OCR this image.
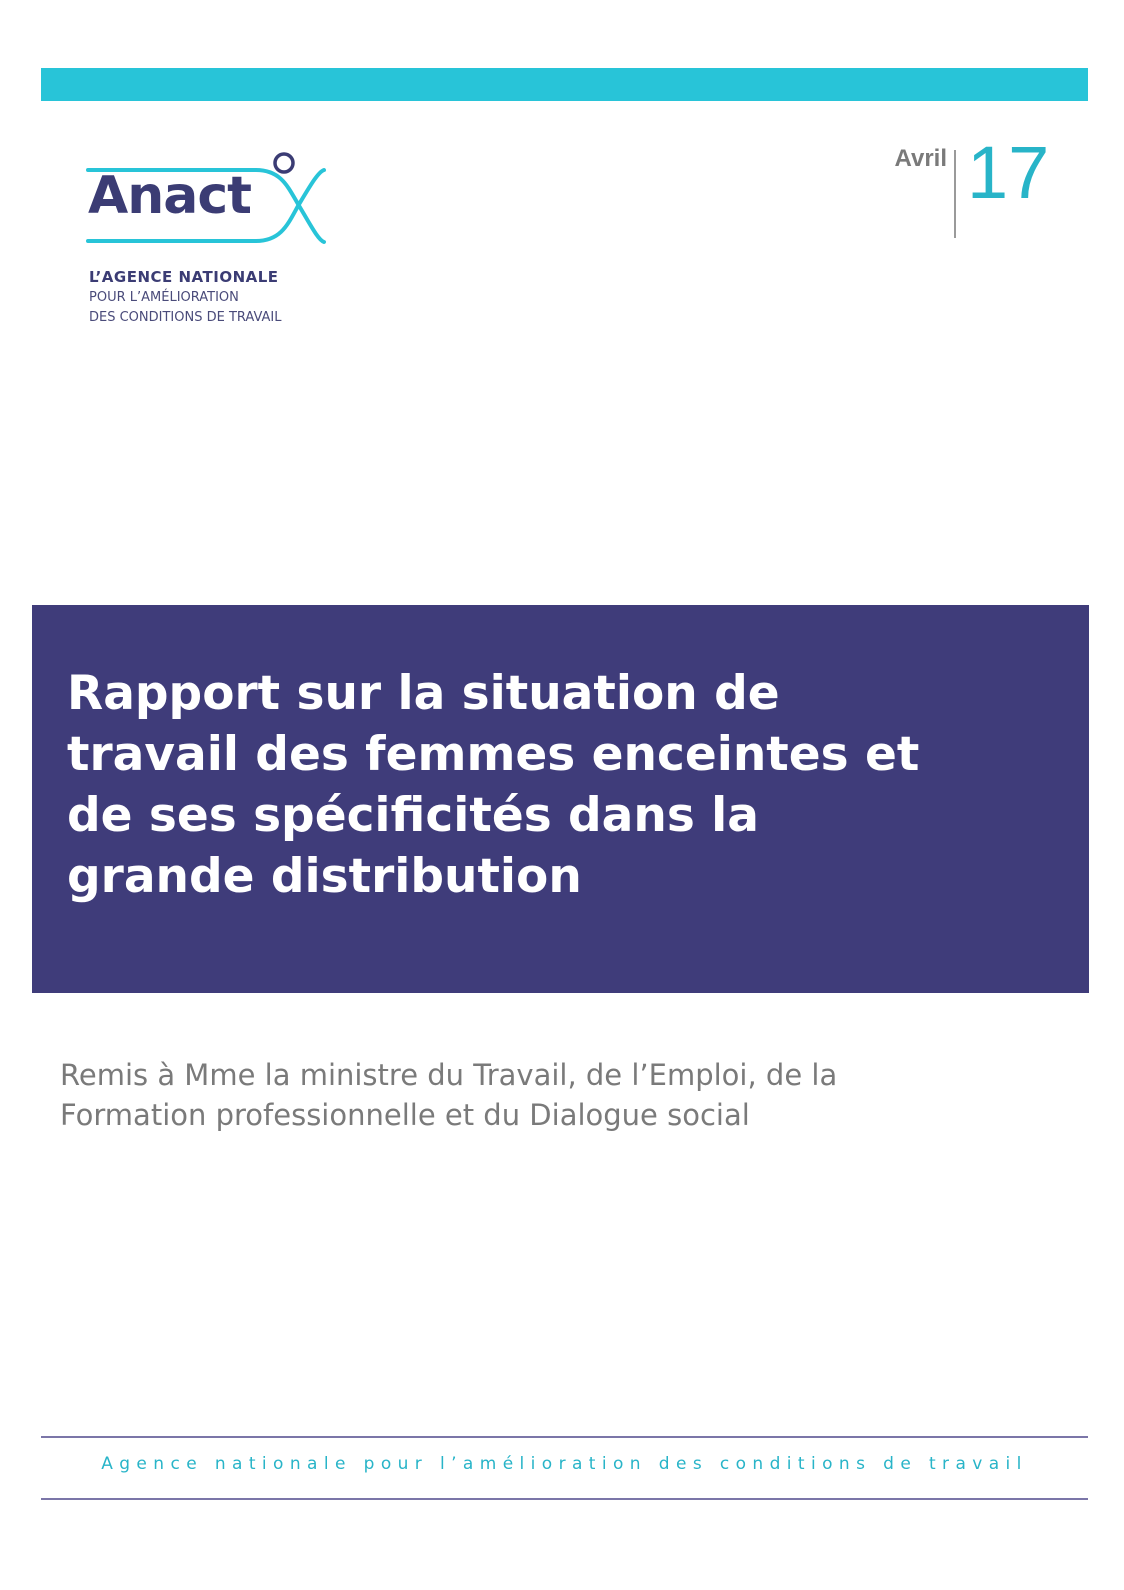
Anact
L’AGENCE NATIONALE
POUR L’AMÉLIORATION
DES CONDITIONS DE TRAVAIL
Avril 17
Rapport sur la situation de travail des femmes enceintes et de ses spécificités dans la grande distribution

Remis à Mme la ministre du Travail, de l’Emploi, de la Formation professionnelle et du Dialogue social

Agence nationale pour l’amélioration des conditions de travail
